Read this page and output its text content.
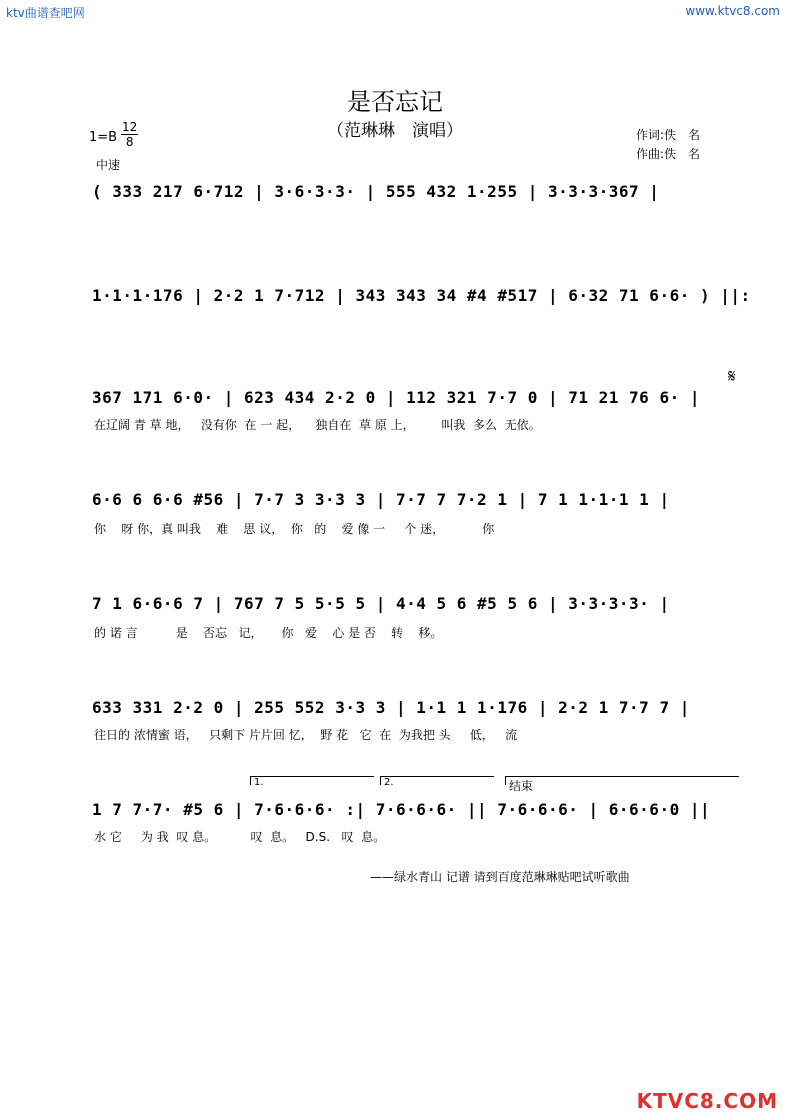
ktv曲谱查吧网	www.ktvc8.com
是否忘记
（范琳琳　演唱）
1=B
12
8
中速
作词:佚　名
作曲:佚　名
( 333 217 6·712 | 3·6·3·3· | 555 432 1·255 | 3·3·3·367 |
1·1·1·176 | 2·2 1 7·712 | 343 343 34 #4 #517 | 6·32 71 6·6· ) ||:
367 171 6·0· | 623 434 2·2 0 | 112 321 7·7 0 | 71 21 76 6· |
在辽阔 青 草 地，   没有你  在 一 起，    独自在  草 原 上，       叫我  多么  无依。
𝄋
6·6 6 6·6 #56 | 7·7 3 3·3 3 | 7·7 7 7·2 1 | 7 1 1·1·1 1 |
你    呀 你，真 叫我    难    思 议，  你   的    爱 像 一     个 迷，          你
7 1 6·6·6 7 | 767 7 5 5·5 5 | 4·4 5 6 #5 5 6 | 3·3·3·3· |
的 诺 言          是    否忘   记，     你   爱    心 是 否    转    移。
633 331 2·2 0 | 255 552 3·3 3 | 1·1 1 1·176 | 2·2 1 7·7 7 |
往日的 浓情蜜 语，   只剩下 片片回 忆，  野 花   它  在  为我把 头     低，   流
1.	2.	结束
1 7 7·7· #5 6 | 7·6·6·6· :| 7·6·6·6· || 7·6·6·6· | 6·6·6·0 ||
水 它     为 我  叹 息。         叹  息。   D.S.   叹  息。
——绿水青山 记谱 请到百度范琳琳贴吧试听歌曲
KTVC8.COM
